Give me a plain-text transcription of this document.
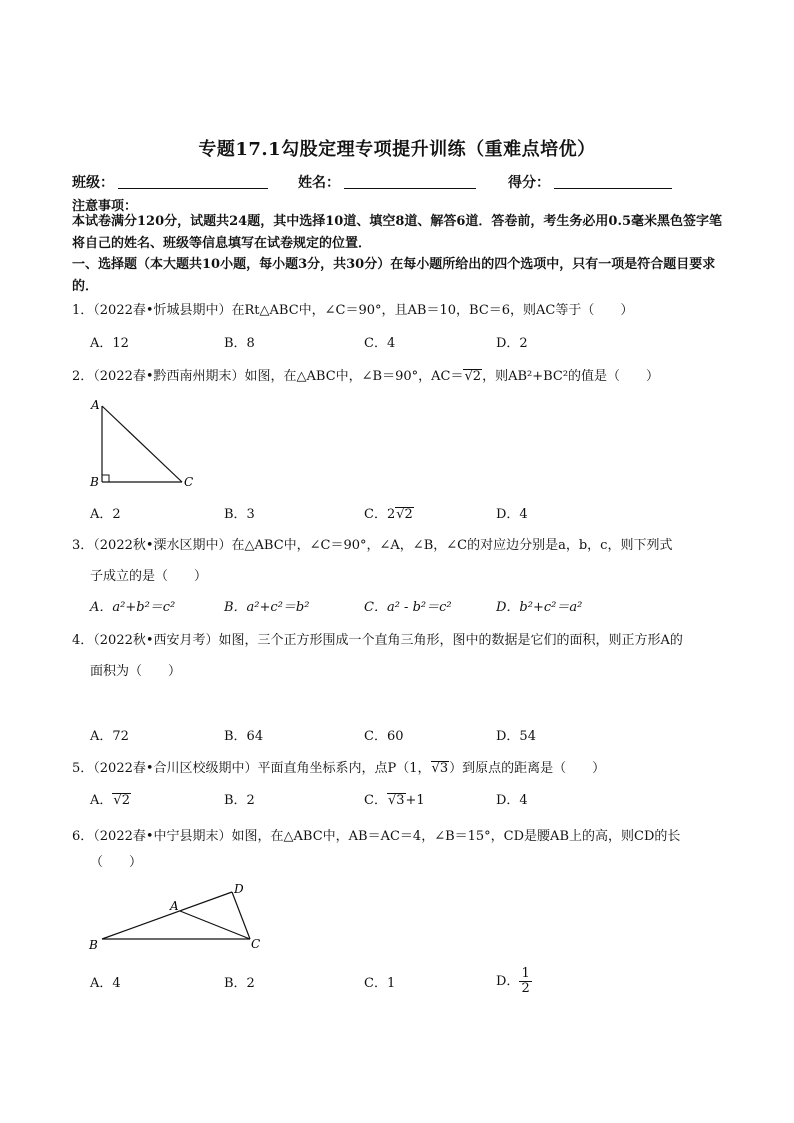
专题17.1勾股定理专项提升训练（重难点培优）
班级：	姓名：	得分：
注意事项：
本试卷满分120分，试题共24题，其中选择10道、填空8道、解答6道．答卷前，考生务必用0.5毫米黑色签字笔将自己的姓名、班级等信息填写在试卷规定的位置．
一、选择题（本大题共10小题，每小题3分，共30分）在每小题所给出的四个选项中，只有一项是符合题目要求的．
1．（2022春•忻城县期中）在Rt△ABC中，∠C＝90°，且AB＝10，BC＝6，则AC等于（　　）
A．12	B．8	C．4	D．2
2．（2022春•黔西南州期末）如图，在△ABC中，∠B＝90°，AC＝√2，则AB²+BC²的值是（　　）
A
B	C
A．2	B．3	C．2√2	D．4
3．（2022秋•溧水区期中）在△ABC中，∠C＝90°，∠A，∠B，∠C的对应边分别是a，b，c，则下列式
子成立的是（　　）
A．a²+b²＝c²	B．a²+c²＝b²	C．a² - b²＝c²	D．b²+c²＝a²
4．（2022秋•西安月考）如图，三个正方形围成一个直角三角形，图中的数据是它们的面积，则正方形A的
面积为（　　）
A．72	B．64	C．60	D．54
5．（2022春•合川区校级期中）平面直角坐标系内，点P（1，√3）到原点的距离是（　　）
A．√2	B．2	C．√3+1	D．4
6．（2022春•中宁县期末）如图，在△ABC中，AB＝AC＝4，∠B＝15°，CD是腰AB上的高，则CD的长
（　　）
A
B	C
D
A．4	B．2	C．1	D． $\frac{1}{2}$
